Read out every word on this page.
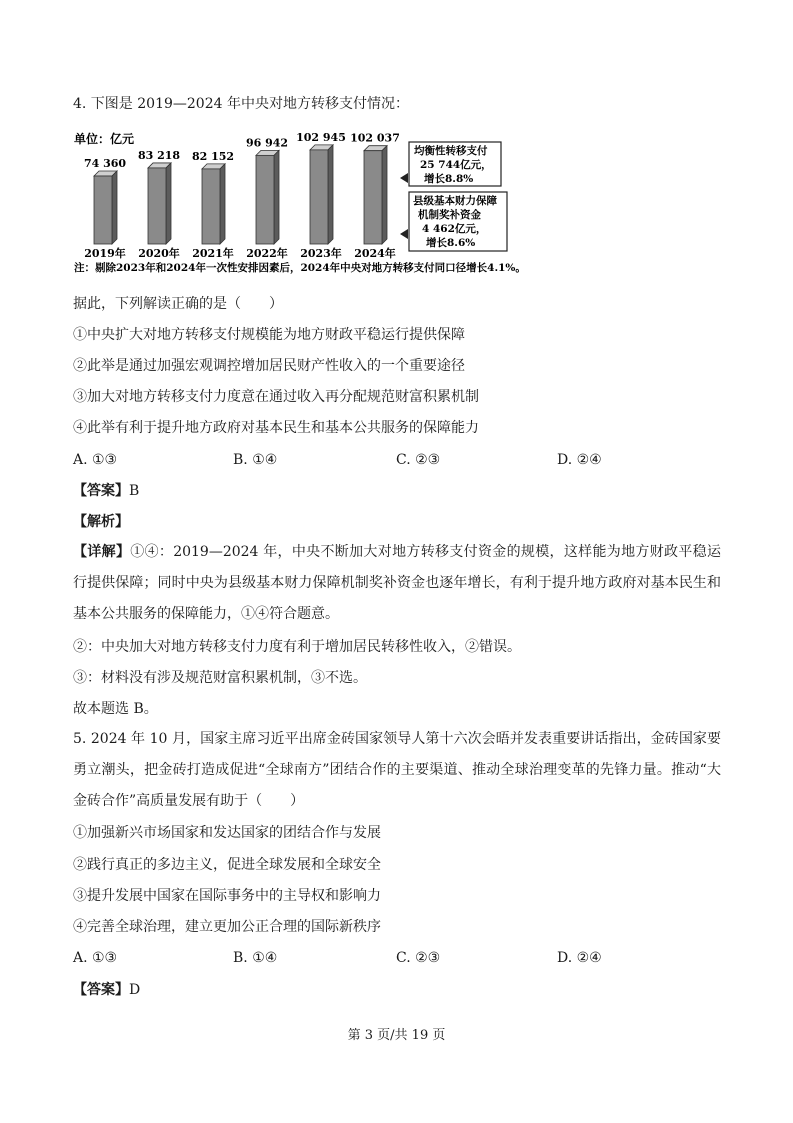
4. 下图是 2019—2024 年中央对地方转移支付情况：
单位：亿元
74 360
2019年
83 218
2020年
82 152
2021年
96 942
2022年
102 945
2023年
102 037
2024年
均衡性转移支付
25 744亿元，
增长8.8%
县级基本财力保障
机制奖补资金
4 462亿元，
增长8.6%
注：剔除2023年和2024年一次性安排因素后，2024年中央对地方转移支付同口径增长4.1%。
据此，下列解读正确的是（　　）
①中央扩大对地方转移支付规模能为地方财政平稳运行提供保障
②此举是通过加强宏观调控增加居民财产性收入的一个重要途径
③加大对地方转移支付力度意在通过收入再分配规范财富积累机制
④此举有利于提升地方政府对基本民生和基本公共服务的保障能力
A. ①③	B. ①④	C. ②③	D. ②④
【答案】B
【解析】
【详解】①④：2019—2024 年，中央不断加大对地方转移支付资金的规模，这样能为地方财政平稳运行提供保障；同时中央为县级基本财力保障机制奖补资金也逐年增长，有利于提升地方政府对基本民生和基本公共服务的保障能力，①④符合题意。
②：中央加大对地方转移支付力度有利于增加居民转移性收入，②错误。
③：材料没有涉及规范财富积累机制，③不选。
故本题选 B。
5. 2024 年 10 月，国家主席习近平出席金砖国家领导人第十六次会晤并发表重要讲话指出，金砖国家要勇立潮头，把金砖打造成促进“全球南方”团结合作的主要渠道、推动全球治理变革的先锋力量。推动“大金砖合作”高质量发展有助于（　　）
①加强新兴市场国家和发达国家的团结合作与发展
②践行真正的多边主义，促进全球发展和全球安全
③提升发展中国家在国际事务中的主导权和影响力
④完善全球治理，建立更加公正合理的国际新秩序
A. ①③	B. ①④	C. ②③	D. ②④
【答案】D
第 3 页/共 19 页
